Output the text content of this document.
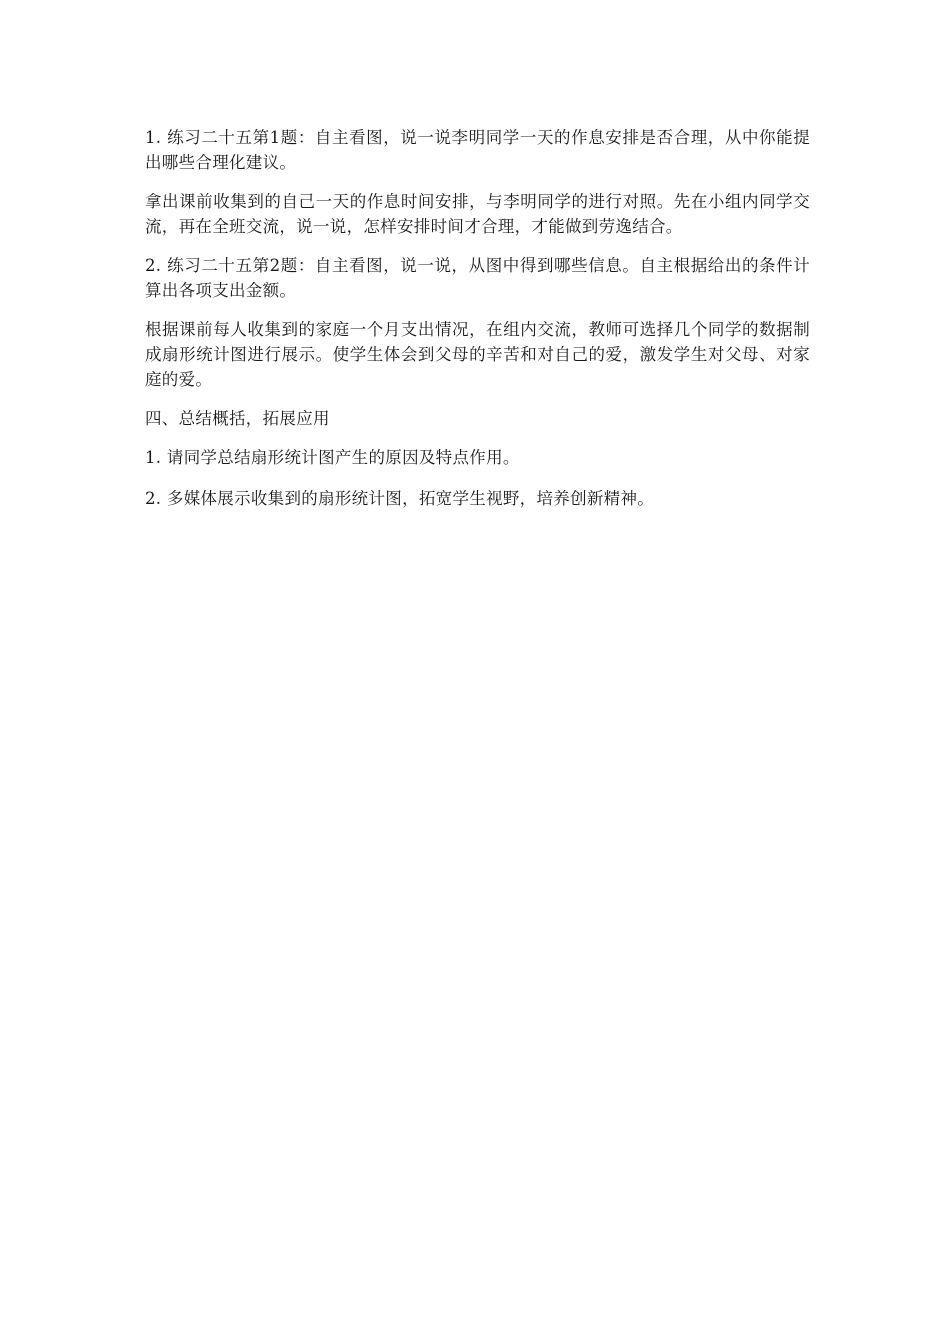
1. 练习二十五第1题：自主看图，说一说李明同学一天的作息安排是否合理，从中你能提出哪些合理化建议。

拿出课前收集到的自己一天的作息时间安排，与李明同学的进行对照。先在小组内同学交流，再在全班交流，说一说，怎样安排时间才合理，才能做到劳逸结合。

2. 练习二十五第2题：自主看图，说一说，从图中得到哪些信息。自主根据给出的条件计算出各项支出金额。

根据课前每人收集到的家庭一个月支出情况，在组内交流，教师可选择几个同学的数据制成扇形统计图进行展示。使学生体会到父母的辛苦和对自己的爱，激发学生对父母、对家庭的爱。

四、总结概括，拓展应用

1. 请同学总结扇形统计图产生的原因及特点作用。

2. 多媒体展示收集到的扇形统计图，拓宽学生视野，培养创新精神。
